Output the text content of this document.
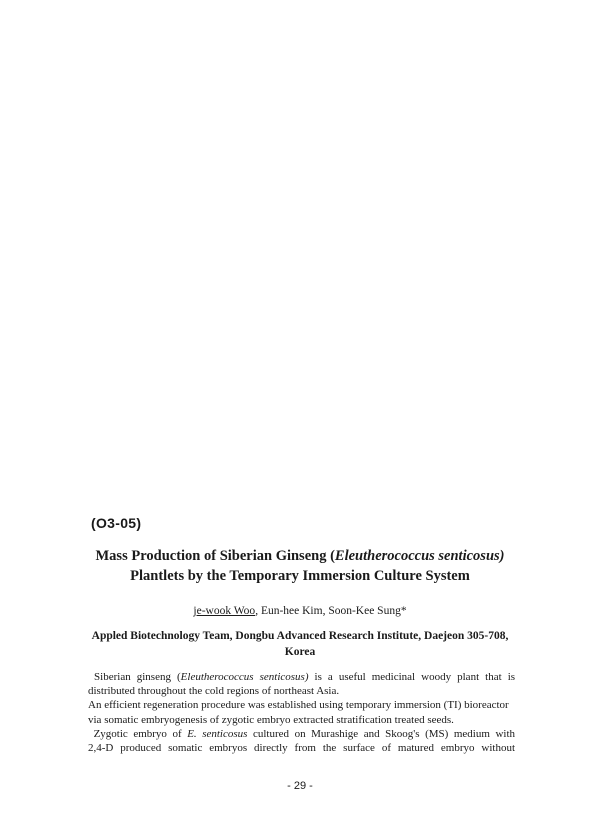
(O3-05)
Mass Production of Siberian Ginseng (Eleutherococcus senticosus)
Plantlets by the Temporary Immersion Culture System
je-wook Woo, Eun-hee Kim, Soon-Kee Sung*
Appled Biotechnology Team, Dongbu Advanced Research Institute, Daejeon 305-708,
Korea

Siberian ginseng (Eleutherococcus senticosus) is a useful medicinal woody plant that is

distributed throughout the cold regions of northeast Asia.

An efficient regeneration procedure was established using temporary immersion (TI) bioreactor

via somatic embryogenesis of zygotic embryo extracted stratification treated seeds.

Zygotic embryo of E. senticosus cultured on Murashige and Skoog's (MS) medium with

2,4-D produced somatic embryos directly from the surface of matured embryo without

- 29 -
